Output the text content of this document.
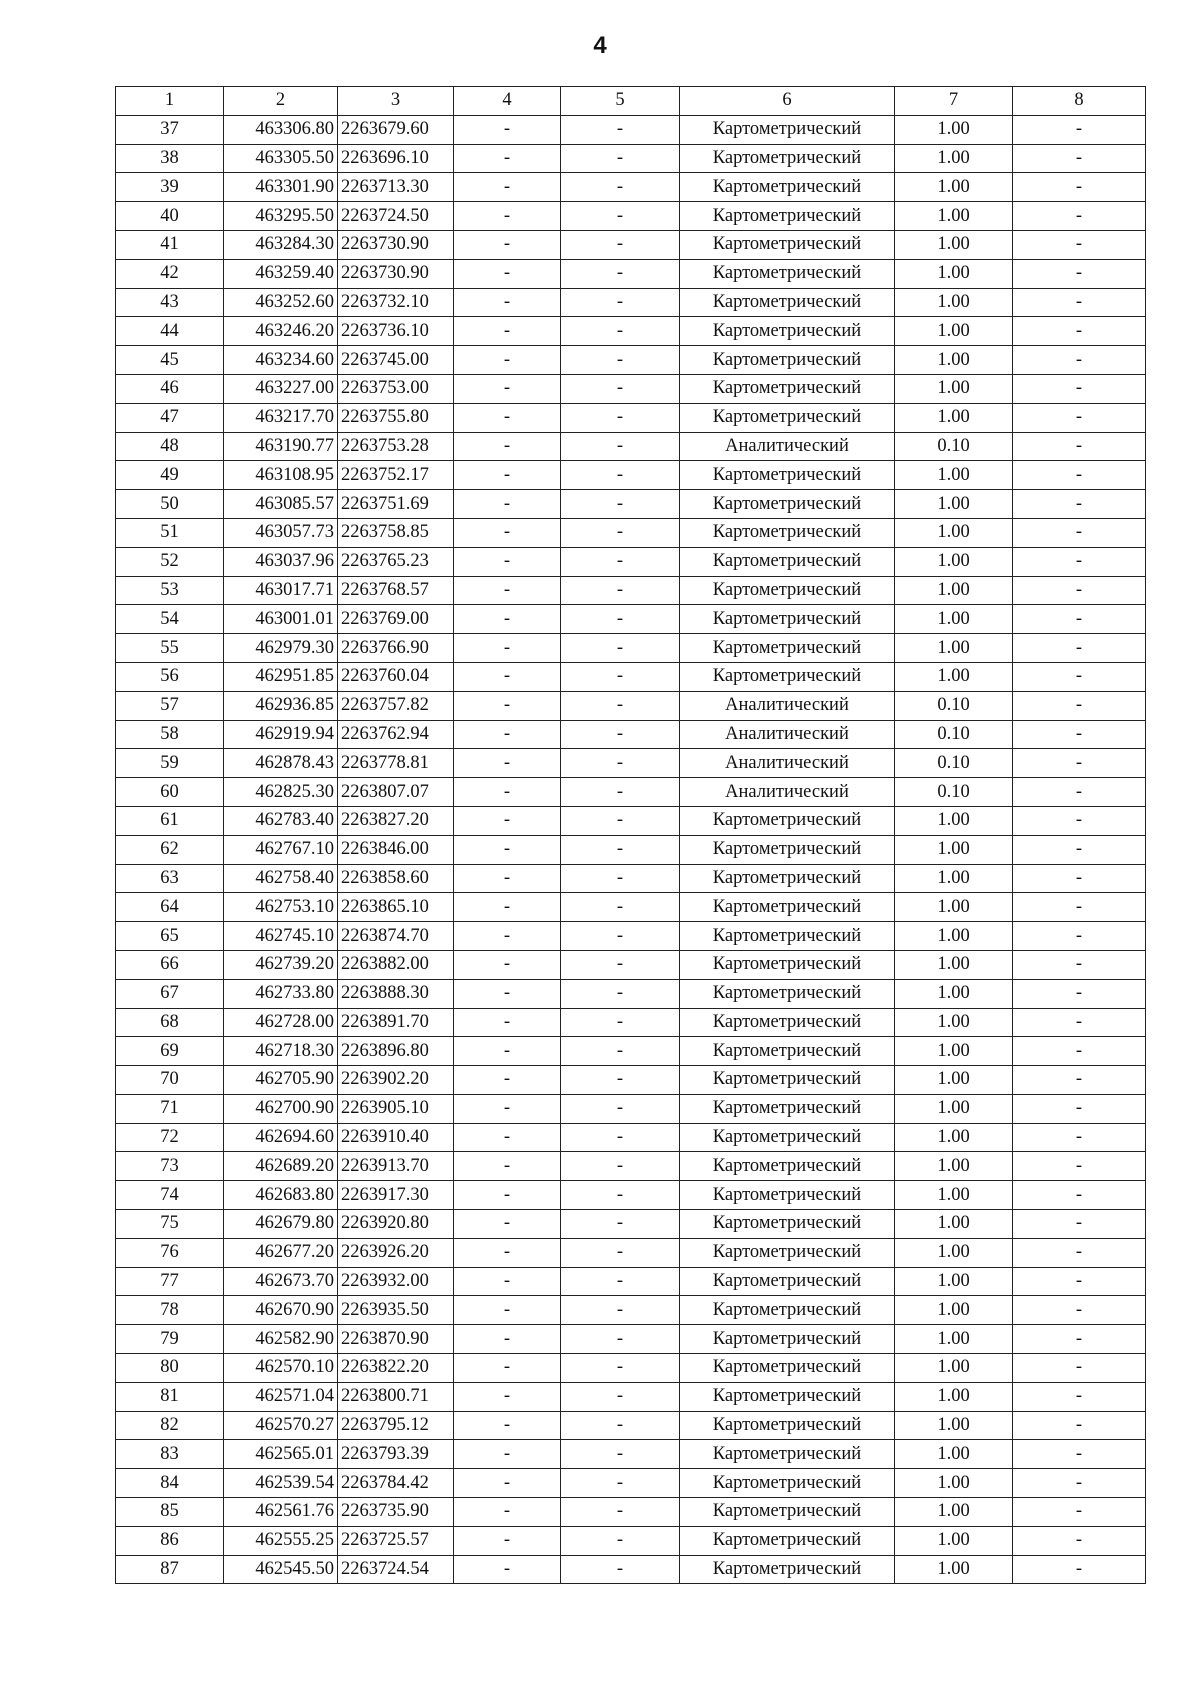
4
1	2	3	4	5	6	7	8
37	463306.80	2263679.60	-	-	Картометрический	1.00	-
38	463305.50	2263696.10	-	-	Картометрический	1.00	-
39	463301.90	2263713.30	-	-	Картометрический	1.00	-
40	463295.50	2263724.50	-	-	Картометрический	1.00	-
41	463284.30	2263730.90	-	-	Картометрический	1.00	-
42	463259.40	2263730.90	-	-	Картометрический	1.00	-
43	463252.60	2263732.10	-	-	Картометрический	1.00	-
44	463246.20	2263736.10	-	-	Картометрический	1.00	-
45	463234.60	2263745.00	-	-	Картометрический	1.00	-
46	463227.00	2263753.00	-	-	Картометрический	1.00	-
47	463217.70	2263755.80	-	-	Картометрический	1.00	-
48	463190.77	2263753.28	-	-	Аналитический	0.10	-
49	463108.95	2263752.17	-	-	Картометрический	1.00	-
50	463085.57	2263751.69	-	-	Картометрический	1.00	-
51	463057.73	2263758.85	-	-	Картометрический	1.00	-
52	463037.96	2263765.23	-	-	Картометрический	1.00	-
53	463017.71	2263768.57	-	-	Картометрический	1.00	-
54	463001.01	2263769.00	-	-	Картометрический	1.00	-
55	462979.30	2263766.90	-	-	Картометрический	1.00	-
56	462951.85	2263760.04	-	-	Картометрический	1.00	-
57	462936.85	2263757.82	-	-	Аналитический	0.10	-
58	462919.94	2263762.94	-	-	Аналитический	0.10	-
59	462878.43	2263778.81	-	-	Аналитический	0.10	-
60	462825.30	2263807.07	-	-	Аналитический	0.10	-
61	462783.40	2263827.20	-	-	Картометрический	1.00	-
62	462767.10	2263846.00	-	-	Картометрический	1.00	-
63	462758.40	2263858.60	-	-	Картометрический	1.00	-
64	462753.10	2263865.10	-	-	Картометрический	1.00	-
65	462745.10	2263874.70	-	-	Картометрический	1.00	-
66	462739.20	2263882.00	-	-	Картометрический	1.00	-
67	462733.80	2263888.30	-	-	Картометрический	1.00	-
68	462728.00	2263891.70	-	-	Картометрический	1.00	-
69	462718.30	2263896.80	-	-	Картометрический	1.00	-
70	462705.90	2263902.20	-	-	Картометрический	1.00	-
71	462700.90	2263905.10	-	-	Картометрический	1.00	-
72	462694.60	2263910.40	-	-	Картометрический	1.00	-
73	462689.20	2263913.70	-	-	Картометрический	1.00	-
74	462683.80	2263917.30	-	-	Картометрический	1.00	-
75	462679.80	2263920.80	-	-	Картометрический	1.00	-
76	462677.20	2263926.20	-	-	Картометрический	1.00	-
77	462673.70	2263932.00	-	-	Картометрический	1.00	-
78	462670.90	2263935.50	-	-	Картометрический	1.00	-
79	462582.90	2263870.90	-	-	Картометрический	1.00	-
80	462570.10	2263822.20	-	-	Картометрический	1.00	-
81	462571.04	2263800.71	-	-	Картометрический	1.00	-
82	462570.27	2263795.12	-	-	Картометрический	1.00	-
83	462565.01	2263793.39	-	-	Картометрический	1.00	-
84	462539.54	2263784.42	-	-	Картометрический	1.00	-
85	462561.76	2263735.90	-	-	Картометрический	1.00	-
86	462555.25	2263725.57	-	-	Картометрический	1.00	-
87	462545.50	2263724.54	-	-	Картометрический	1.00	-
